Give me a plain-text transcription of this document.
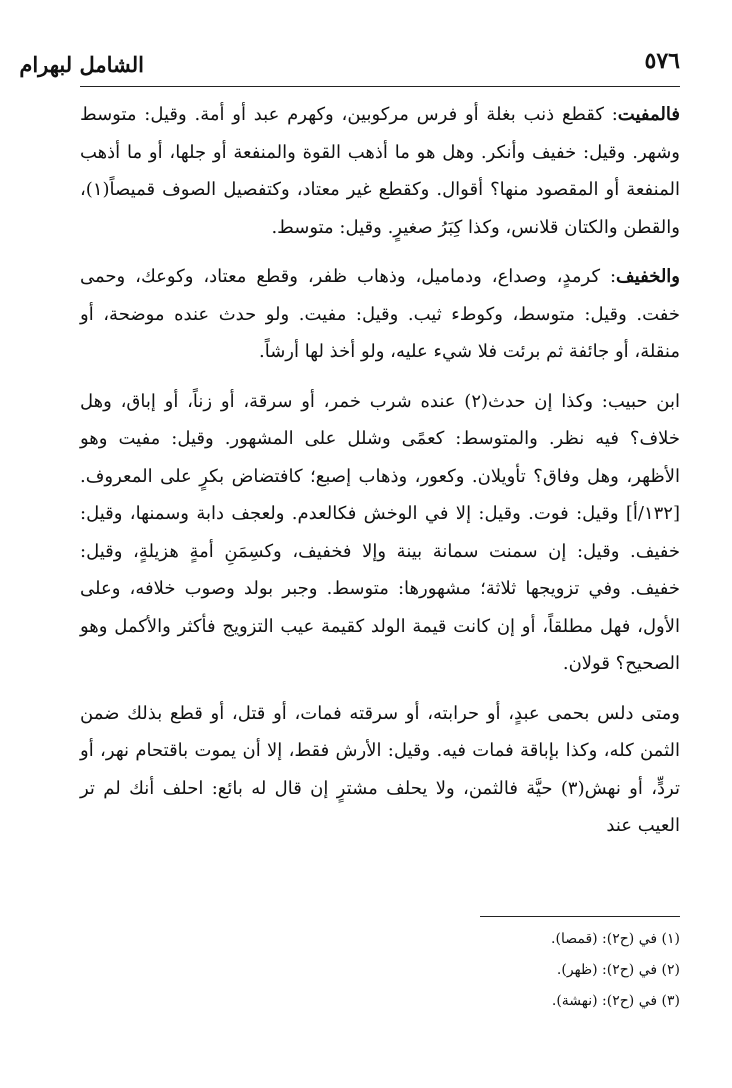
٥٧٦
الشامل لبهرام

فالمفيت: كقطع ذنب بغلة أو فرس مركوبين، وكهرم عبد أو أمة. وقيل: متوسط وشهر. وقيل: خفيف وأنكر. وهل هو ما أذهب القوة والمنفعة أو جلها، أو ما أذهب المنفعة أو المقصود منها؟ أقوال. وكقطع غير معتاد، وكتفصيل الصوف قميصاً(١)، والقطن والكتان قلانس، وكذا كِبَرُ صغيرٍ. وقيل: متوسط.

والخفيف: كرمدٍ، وصداع، ودماميل، وذهاب ظفر، وقطع معتاد، وكوعك، وحمى خفت. وقيل: متوسط، وكوطء ثيب. وقيل: مفيت. ولو حدث عنده موضحة، أو منقلة، أو جائفة ثم برئت فلا شيء عليه، ولو أخذ لها أرشاً.

ابن حبيب: وكذا إن حدث(٢) عنده شرب خمر، أو سرقة، أو زناً، أو إباق، وهل خلاف؟ فيه نظر. والمتوسط: كعمًى وشلل على المشهور. وقيل: مفيت وهو الأظهر، وهل وفاق؟ تأويلان. وكعور، وذهاب إصبع؛ كافتضاض بكرٍ على المعروف. [١٣٢/أ] وقيل: فوت. وقيل: إلا في الوخش فكالعدم. ولعجف دابة وسمنها، وقيل: خفيف. وقيل: إن سمنت سمانة بينة وإلا فخفيف، وكسِمَنِ أمةٍ هزيلةٍ، وقيل: خفيف. وفي تزويجها ثلاثة؛ مشهورها: متوسط. وجبر بولد وصوب خلافه، وعلى الأول، فهل مطلقاً، أو إن كانت قيمة الولد كقيمة عيب التزويج فأكثر والأكمل وهو الصحيح؟ قولان.

ومتى دلس بحمى عبدٍ، أو حرابته، أو سرقته فمات، أو قتل، أو قطع بذلك ضمن الثمن كله، وكذا بإباقة فمات فيه. وقيل: الأرش فقط، إلا أن يموت باقتحام نهر، أو تردٍّ، أو نهش(٣) حيَّة فالثمن، ولا يحلف مشترٍ إن قال له بائع: احلف أنك لم تر العيب عند

(١) في (ح٢): (قمصا).

(٢) في (ح٢): (ظهر).

(٣) في (ح٢): (نهشة).
